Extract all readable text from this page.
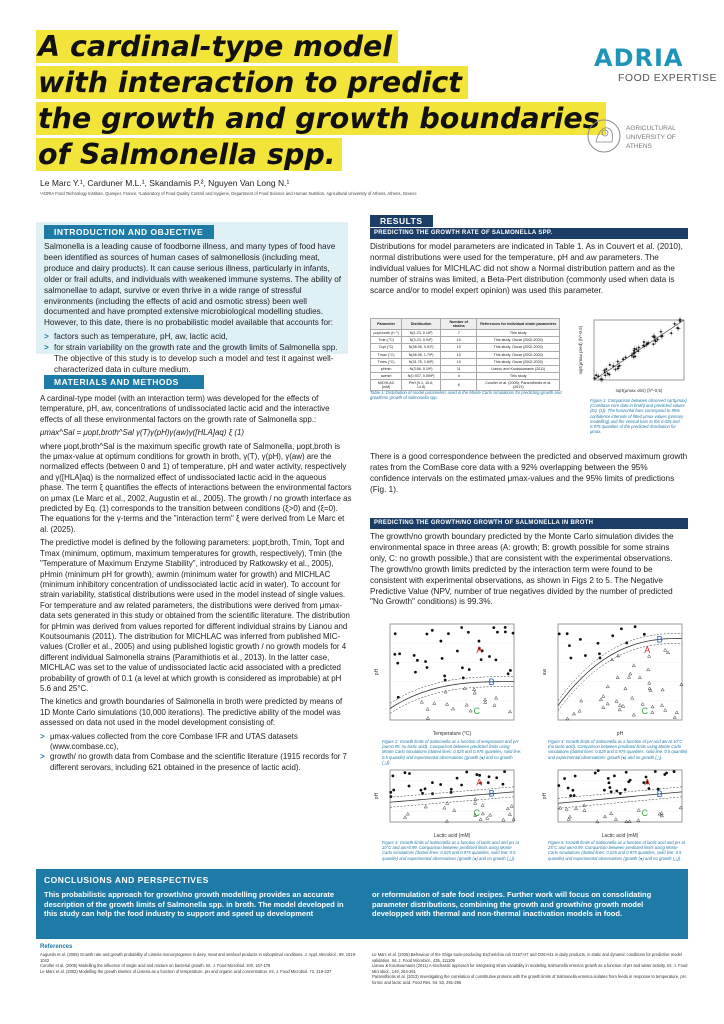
A cardinal-type model
with interaction to predict
the growth and growth boundaries
of Salmonella spp.
ADRIA
FOOD EXPERTISE
AGRICULTURAL
UNIVERSITY OF
ATHENS
Le Marc Y.¹, Carduner M.L.¹, Skandamis P.², Nguyen Van Long N.¹
¹ADRIA Food Technology Institute, Quimper, France, ²Laboratory of Food Quality Control and Hygiene, Department of Food Science and Human Nutrition, Agricultural University of Athens, Athens, Greece
INTRODUCTION AND OBJECTIVE

Salmonella is a leading cause of foodborne illness, and many types of food have been identified as sources of human cases of salmonellosis (including meat, produce and dairy products). It can cause serious illness, particularly in infants, older or frail adults, and individuals with weakened immune systems. The ability of salmonellae to adapt, survive or even thrive in a wide range of stressful environments (including the effects of acid and osmotic stress) been well documented and have prompted extensive microbiological modelling studies. However, to this date, there is no probabilistic model available that accounts for:

> factors such as temperature, pH, aw, lactic acid,
> for strain variability on the growth rate and the growth limits of Salmonella spp. The objective of this study is to develop such a model and test it against well-characterized data in culture medium.
MATERIALS AND METHODS

A cardinal-type model (with an interaction term) was developed for the effects of temperature, pH, aw, concentrations of undissociated lactic acid and the interactive effects of all these environmental factors on the growth rate of Salmonella spp.:

μmax^Sal = μopt,broth^Sal γ(T)γ(pH)γ(aw)γ([HLA]aq) ξ (1)

where μopt,broth^Sal is the maximum specific growth rate of Salmonella, μopt,broth is the μmax-value at optimum conditions for growth in broth, γ(T), γ(pH), γ(aw) are the normalized effects (between 0 and 1) of temperature, pH and water activity, respectively and γ([HLA]aq) is the normalized effect of undissociated lactic acid in the aqueous phase. The term ξ quantifies the effects of interactions between the environmental factors on μmax (Le Marc et al., 2002, Augustin et al., 2005). The growth / no growth interface as predicted by Eq. (1) corresponds to the transition between conditions (ξ>0) and (ξ=0). The equations for the γ-terms and the "interaction term" ξ were derived from Le Marc et al. (2025).

The predictive model is defined by the following parameters: μopt,broth, Tmin, Topt and Tmax (minimum, optimum, maximum temperatures for growth, respectively), Tmin (the "Temperature of Maximum Enzyme Stability", introduced by Ratkowsky et al., 2005), pHmin (minimum pH for growth), awmin (minimum water for growth) and MICHLAC (minimum inhibitory concentration of undissociated lactic acid in water). To account for strain variability, statistical distributions were used in the model instead of single values. For temperature and aw related parameters, the distributions were derived from μmax-data sets generated in this study or obtained from the scientific literature. The distribution for pHmin was derived from values reported for different individual strains by Lianou and Koutsoumanis (2011). The distribution for MICHLAC was inferred from published MIC-values (Croller et al., 2005) and using published logistic growth / no growth models for 4 different individual Salmonella strains (Paramithiotis et al., 2013). In the latter case, MICHLAC was set to the value of undissociated lactic acid associated with a predicted probability of growth of 0.1 (a level at which growth is considered as improbable) at pH 5.6 and 25°C.

The kinetics and growth boundaries of Salmonella in broth were predicted by means of 1D Monte Carlo simulations (10,000 iterations). The predictive ability of the model was assessed on data not used in the model development consisting of:

> μmax-values collected from the core Combase IFR and UTAS datasets (www.combase.cc),
> growth/ no growth data from Combase and the scientific literature (1915 records for 7 different serovars, including 621 obtained in the presence of lactic acid).
RESULTS
PREDICTING THE GROWTH RATE OF SALMONELLA SPP.
Distributions for model parameters are indicated in Table 1. As in Couvert et al. (2010), normal distributions were used for the temperature, pH and aw parameters. The individual values for MICHLAC did not show a Normal distribution pattern and as the number of strains was limited, a Beta-Pert distribution (commonly used when data is scarce and/or to model expert opinion) was used this parameter.
Parameter	Distribution	Number of strains	References for individual strain parameters
μopt,broth (h⁻¹)	N(1.23, 0.18²)	7	This study
Tmin (°C)	N(3.23, 0.94²)	10	This study, Oscar (2002,2003)
Topt (°C)	N(38.06, 0.91²)	10	This study, Oscar (2002,2003)
Tmax (°C)	N(46.06, 1.79²)	10	This study, Oscar (2002,2003)
Tmes (°C)	N(31.75, 1.69²)	10	This study, Oscar (2002,2003)
pHmin	N(3.86, 0.19²)	11	Lianou and Koutsoumanis (2011)
awmin	N(0.937, 0.009²)	4	This study
MICHLAC (mM)	Pert (5.1, 10.6, 14.8)	6	Coroller et al. (2005); Paramithiotis et al. (2013)
Table 1: Distribution of model parameters used in the Monte Carlo simulations for predicting growth and growth/no growth of Salmonella spp.
sqrt(μmax obs) (h^-0.5)
sqrt(μmax pred) (h^-0.5)
Figure 1: Comparison between observed sqrt(μmax) (ComBase core data in broth) and predicted values (Eq. (1)). The horizontal bars correspond to 95% confidence intervals of fitted μmax-values (primary modelling) and the vertical bars to the 0.025 and 0.975 quantiles of the predicted distribution for μmax.
There is a good correspondence between the predicted and observed maximum growth rates from the ComBase core data with a 92% overlapping between the 95% confidence intervals on the estimated μmax-values and the 95% limits of predictions (Fig. 1).
PREDICTING THE GROWTH/NO GROWTH OF SALMONELLA IN BROTH
The growth/no growth boundary predicted by the Monte Carlo simulation divides the environmental space in three areas (A: growth; B: growth possible for some strains only, C: no growth possible,) that are consistent with the experimental observations. The growth/no growth limits predicted by the interaction term were found to be consistent with experimental observations, as shown in Figs 2 to 5. The Negative Predictive Value (NPV, number of true negatives divided by the number of predicted "No Growth" conditions) is 99.3%.
A
B
C
Temperature (°C)
pH
Figure 2: Growth limits of Salmonella as a function of temperature and pH (aw>0.99, no lactic acid). Comparison between predicted limits using Monte Carlo simulations (dotted lines: 0.025 and 0.975 quantiles, solid line: 0.5 quantile) and experimental observations (growth (●) and no growth (△)).
A
B
C
pH
aw
Figure 3: Growth limits of Salmonella as a function of pH and aw at 10°C (no lactic acid). Comparison between predicted limits using Monte Carlo simulations (dotted lines: 0.025 and 0.975 quantiles, solid line: 0.5 quantile) and experimental observations: growth (●) and no growth (△).
A
B
C
Lactic acid (mM)
pH
Figure 4: Growth limits of Salmonella as a function of lactic acid and pH at 10°C and aw>0.99. Comparison between predicted limits using Monte Carlo simulations (dotted lines: 0.025 and 0.975 quantiles, solid line: 0.5 quantile) and experimental observations (growth (●) and no growth (△)).
A
B
C
Lactic acid (mM)
pH
Figure 5: Growth limits of Salmonella as a function of lactic acid and pH at 25°C and aw>0.99. Comparison between predicted limits using Monte Carlo simulations (dotted lines: 0.025 and 0.975 quantiles, solid line: 0.5 quantile) and experimental observations (growth (●) and no growth (△)).
CONCLUSIONS AND PERSPECTIVES
This probabilistic approach for growth/no growth modelling provides an accurate description of the growth limits of Salmonella spp. in broth. The model developed in this study can help the food industry to support and speed up development
or reformulation of safe food recipes. Further work will focus on consolidating parameter distributions, combining the growth and growth/no growth model developped with thermal and non-thermal inactivation models in food.
References
Augustin et al. (2005) Growth rate and growth probability of Listeria monocytogenes in dairy, meat and seafood products in suboptimal conditions. J. Appl. Microbiol., 99, 1019-1042
Coroller et al. (2005) Modelling the influence of single acid and mixture on bacterial growth. Int. J. Food Microbiol. 100, 167-178
Le Marc et al. (2002) Modelling the growth kinetics of Listeria as a function of temperature, pH and organic acid concentration. Int. J. Food Microbiol. 73, 219-237
Le Marc et al. (2025) Behaviour of the Shiga toxin-producing Escherichia coli O157:H7 and O26:H11 in dairy products, in static and dynamic conditions for predictive model validation. Int. J. Food Microbiol., 435, 111109
Lianou & Koutsoumanis (2011) A stochastic approach for integrating strain variability in modeling Salmonella enterica growth as a function of pH and water activity. Int. J. Food Microbiol., 149, 254-261
Paramithiotis et al. (2013) Investigating the correlation of constitutive proteins with the growth limits of Salmonella enterica isolates from feeds in response to temperature, pH, formic and lactic acid. Food Res. Int. 53, 291-296
